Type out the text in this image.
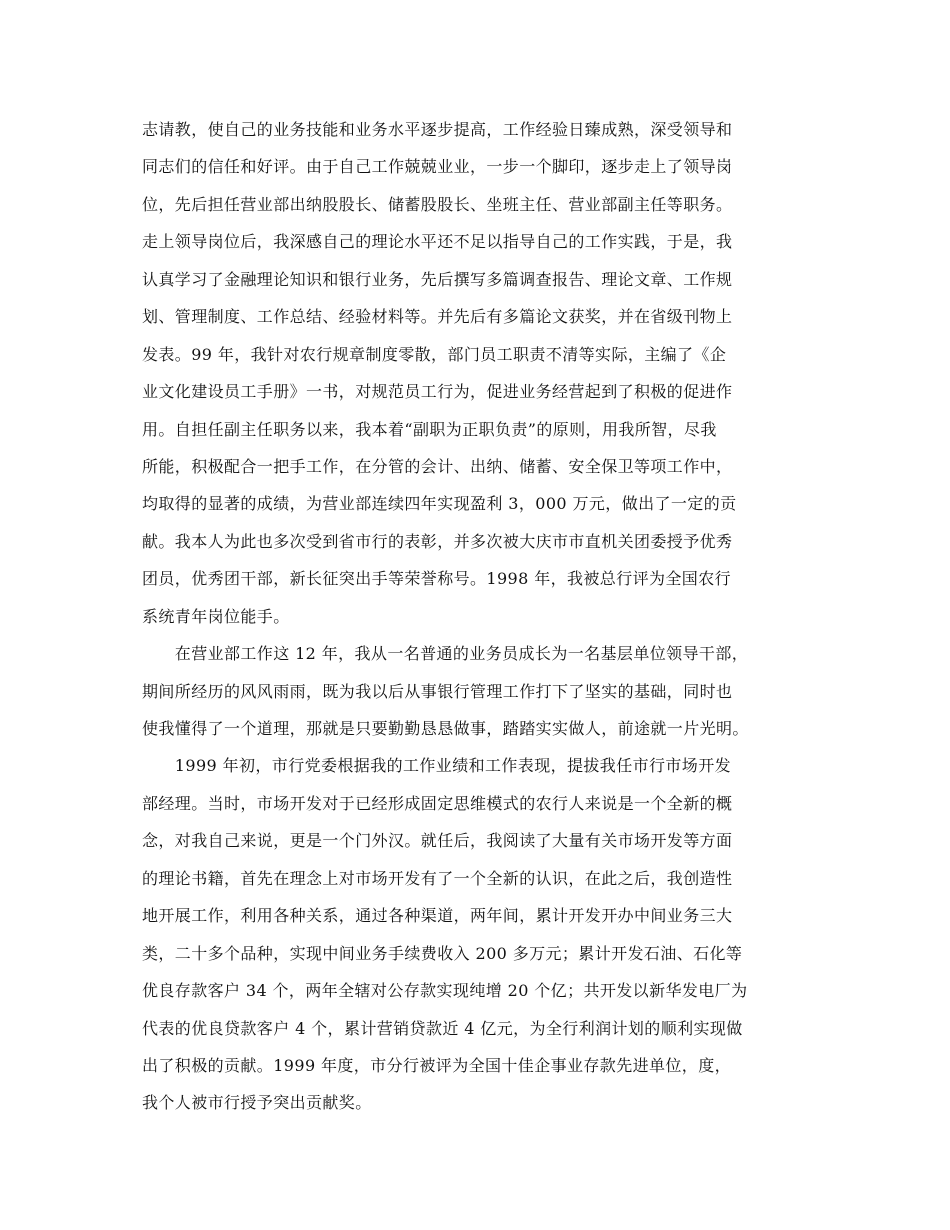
志请教，使自己的业务技能和业务水平逐步提高，工作经验日臻成熟，深受领导和
同志们的信任和好评。由于自己工作兢兢业业，一步一个脚印，逐步走上了领导岗
位，先后担任营业部出纳股股长、储蓄股股长、坐班主任、营业部副主任等职务。
走上领导岗位后，我深感自己的理论水平还不足以指导自己的工作实践，于是，我
认真学习了金融理论知识和银行业务，先后撰写多篇调查报告、理论文章、工作规
划、管理制度、工作总结、经验材料等。并先后有多篇论文获奖，并在省级刊物上
发表。99 年，我针对农行规章制度零散，部门员工职责不清等实际，主编了《企
业文化建设员工手册》一书，对规范员工行为，促进业务经营起到了积极的促进作
用。自担任副主任职务以来，我本着“副职为正职负责”的原则，用我所智，尽我
所能，积极配合一把手工作，在分管的会计、出纳、储蓄、安全保卫等项工作中，
均取得的显著的成绩，为营业部连续四年实现盈利 3，000 万元，做出了一定的贡
献。我本人为此也多次受到省市行的表彰，并多次被大庆市市直机关团委授予优秀
团员，优秀团干部，新长征突出手等荣誉称号。1998 年，我被总行评为全国农行
系统青年岗位能手。
　　在营业部工作这 12 年，我从一名普通的业务员成长为一名基层单位领导干部，
期间所经历的风风雨雨，既为我以后从事银行管理工作打下了坚实的基础，同时也
使我懂得了一个道理，那就是只要勤勤恳恳做事，踏踏实实做人，前途就一片光明。
　　1999 年初，市行党委根据我的工作业绩和工作表现，提拔我任市行市场开发
部经理。当时，市场开发对于已经形成固定思维模式的农行人来说是一个全新的概
念，对我自己来说，更是一个门外汉。就任后，我阅读了大量有关市场开发等方面
的理论书籍，首先在理念上对市场开发有了一个全新的认识，在此之后，我创造性
地开展工作，利用各种关系，通过各种渠道，两年间，累计开发开办中间业务三大
类，二十多个品种，实现中间业务手续费收入 200 多万元；累计开发石油、石化等
优良存款客户 34 个，两年全辖对公存款实现纯增 20 个亿；共开发以新华发电厂为
代表的优良贷款客户 4 个，累计营销贷款近 4 亿元，为全行利润计划的顺利实现做
出了积极的贡献。1999 年度，市分行被评为全国十佳企事业存款先进单位，度，
我个人被市行授予突出贡献奖。
